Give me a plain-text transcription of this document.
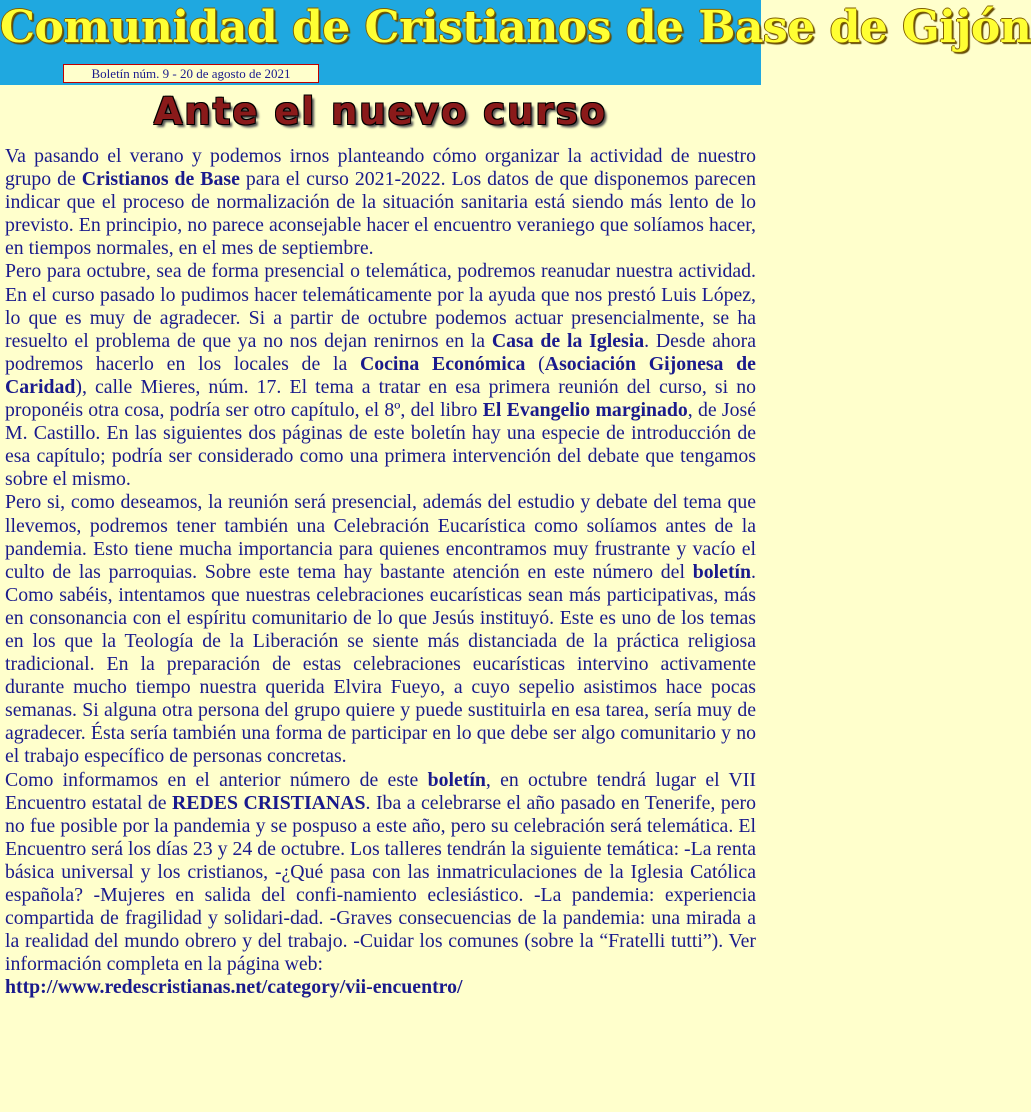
Comunidad de Cristianos de Base de Gijón
Boletín núm. 9 - 20 de agosto de 2021
Ante el nuevo curso

Va pasando el verano y podemos irnos planteando cómo organizar la actividad de nuestro grupo de Cristianos de Base para el curso 2021-2022. Los datos de que disponemos parecen indicar que el proceso de normalización de la situación sanitaria está siendo más lento de lo previsto. En principio, no parece aconsejable hacer el encuentro veraniego que solíamos hacer, en tiempos normales, en el mes de septiembre.

Pero para octubre, sea de forma presencial o telemática, podremos reanudar nuestra actividad. En el curso pasado lo pudimos hacer telemáticamente por la ayuda que nos prestó Luis López, lo que es muy de agradecer. Si a partir de octubre podemos actuar presencialmente, se ha resuelto el problema de que ya no nos dejan renirnos en la Casa de la Iglesia. Desde ahora podremos hacerlo en los locales de la Cocina Económica (Asociación Gijonesa de Caridad), calle Mieres, núm. 17. El tema a tratar en esa primera reunión del curso, si no proponéis otra cosa, podría ser otro capítulo, el 8º, del libro El Evangelio marginado, de José M. Castillo. En las siguientes dos páginas de este boletín hay una especie de introducción de esa capítulo; podría ser considerado como una primera intervención del debate que tengamos sobre el mismo.

Pero si, como deseamos, la reunión será presencial, además del estudio y debate del tema que llevemos, podremos tener también una Celebración Eucarística como solíamos antes de la pandemia. Esto tiene mucha importancia para quienes encontramos muy frustrante y vacío el culto de las parroquias. Sobre este tema hay bastante atención en este número del boletín. Como sabéis, intentamos que nuestras celebraciones eucarísticas sean más participativas, más en consonancia con el espíritu comunitario de lo que Jesús instituyó. Este es uno de los temas en los que la Teología de la Liberación se siente más distanciada de la práctica religiosa tradicional. En la preparación de estas celebraciones eucarísticas intervino activamente durante mucho tiempo nuestra querida Elvira Fueyo, a cuyo sepelio asistimos hace pocas semanas. Si alguna otra persona del grupo quiere y puede sustituirla en esa tarea, sería muy de agradecer. Ésta sería también una forma de participar en lo que debe ser algo comunitario y no el trabajo específico de personas concretas.

Como informamos en el anterior número de este boletín, en octubre tendrá lugar el VII Encuentro estatal de REDES CRISTIANAS. Iba a celebrarse el año pasado en Tenerife, pero no fue posible por la pandemia y se pospuso a este año, pero su celebración será telemática. El Encuentro será los días 23 y 24 de octubre. Los talleres tendrán la siguiente temática: -La renta básica universal y los cristianos, -¿Qué pasa con las inmatriculaciones de la Iglesia Católica española? -Mujeres en salida del confi-namiento eclesiástico. -La pandemia: experiencia compartida de fragilidad y solidari-dad. -Graves consecuencias de la pandemia: una mirada a la realidad del mundo obrero y del trabajo. -Cuidar los comunes (sobre la “Fratelli tutti”). Ver información completa en la página web:

http://www.redescristianas.net/category/vii-encuentro/
